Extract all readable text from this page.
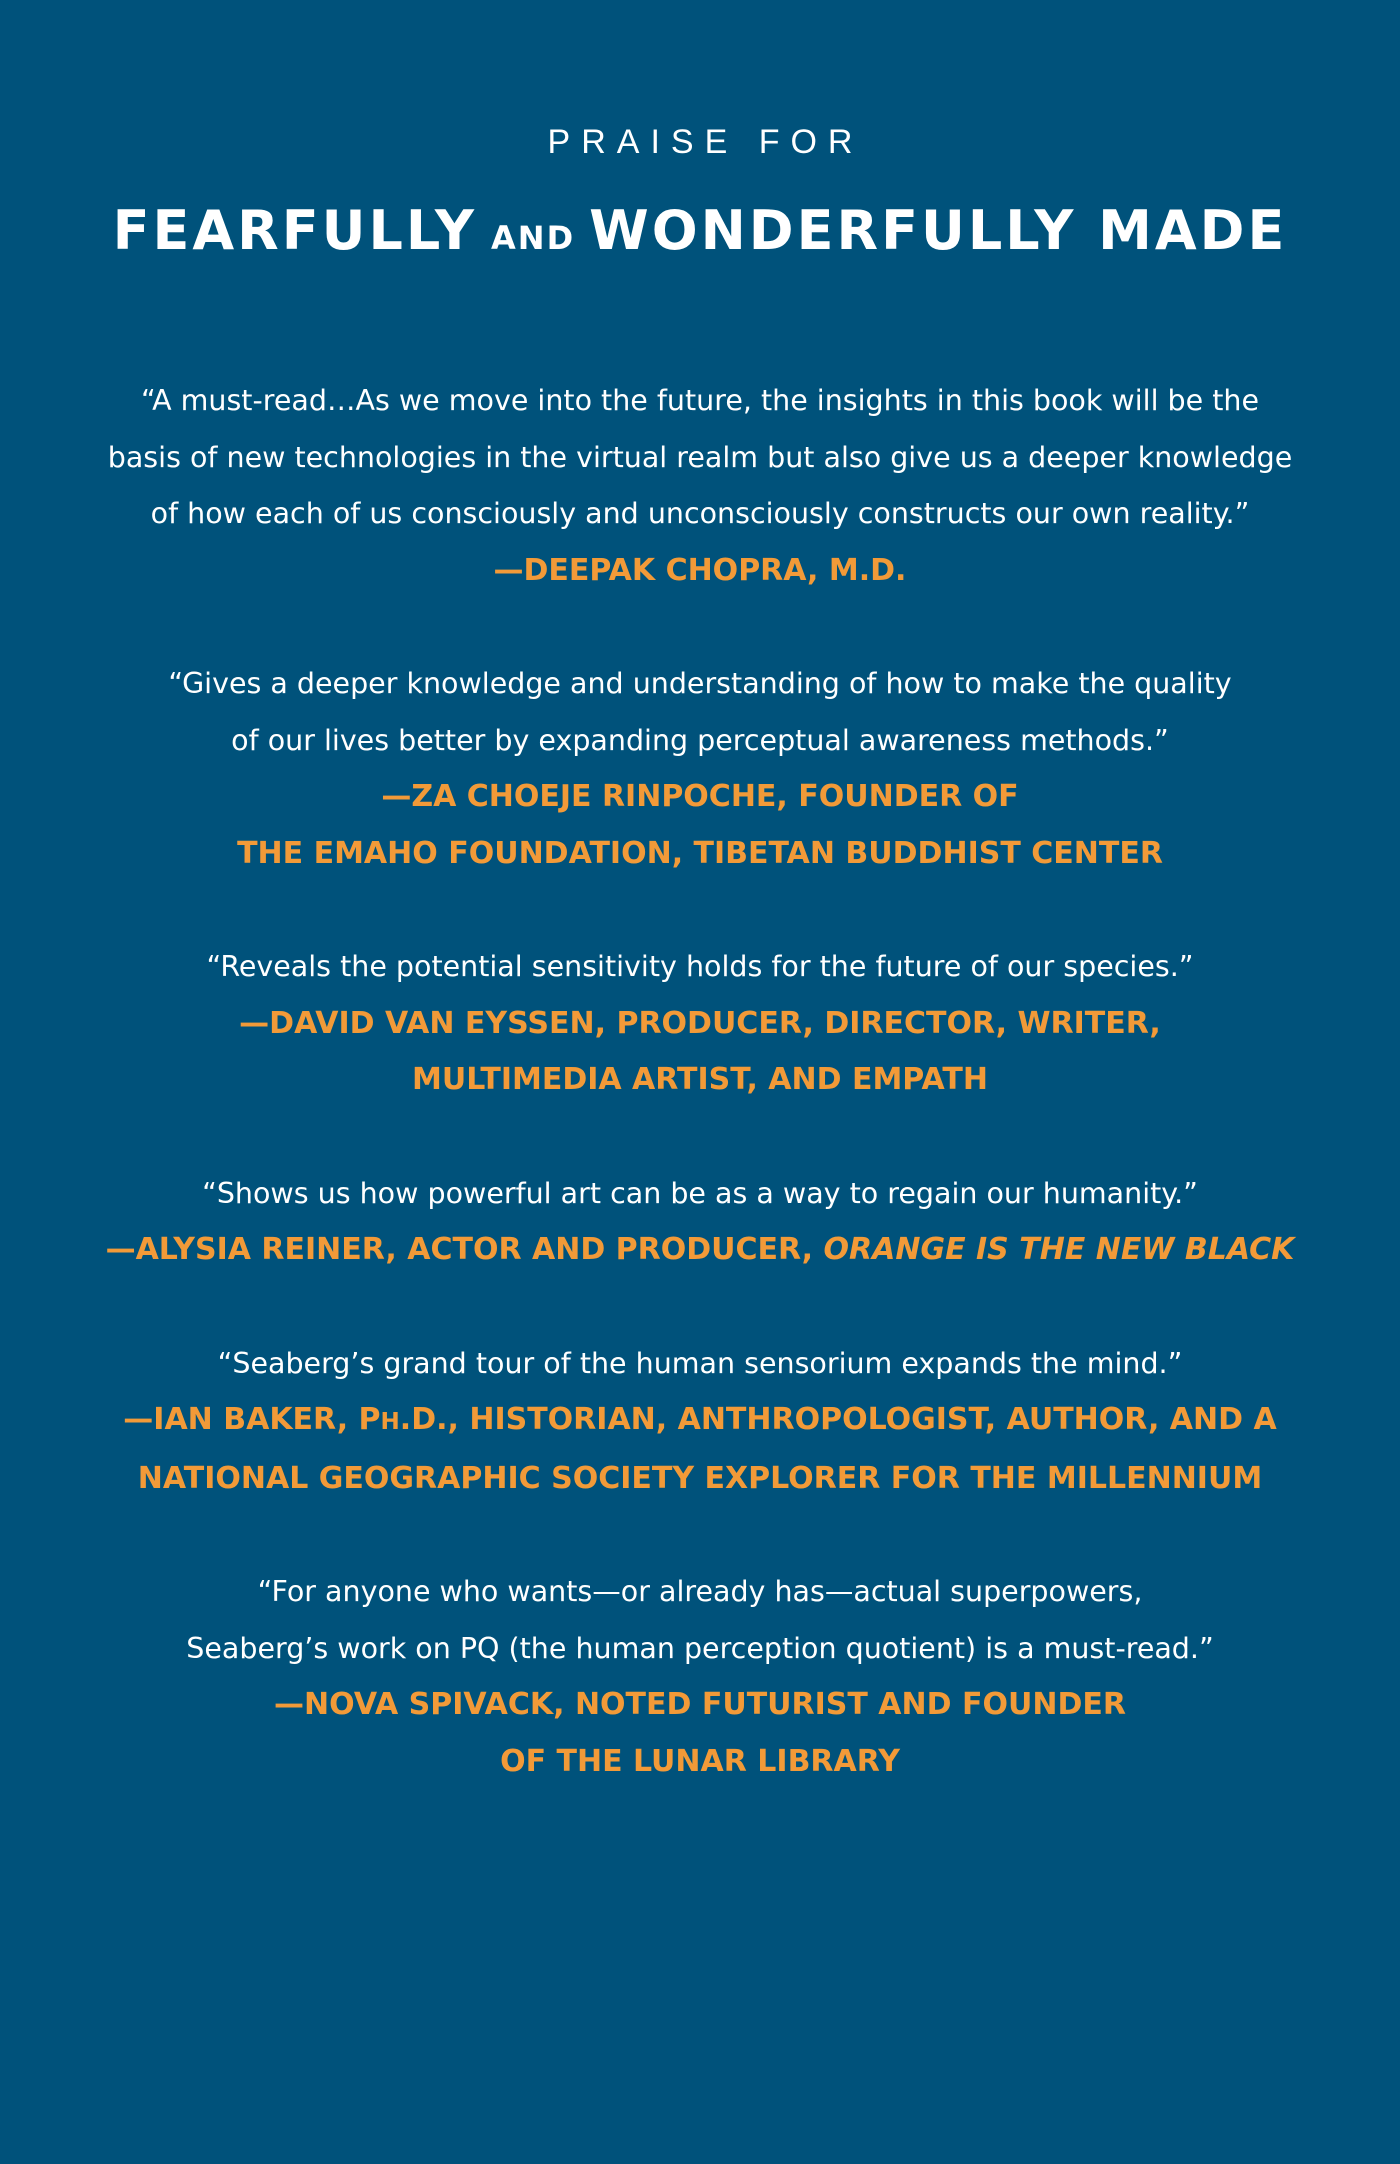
PRAISE FOR

FEARFULLY AND WONDERFULLY MADE

“A must-read…As we move into the future, the insights in this book will be the

basis of new technologies in the virtual realm but also give us a deeper knowledge

of how each of us consciously and unconsciously constructs our own reality.”

—DEEPAK CHOPRA, M.D.

“Gives a deeper knowledge and understanding of how to make the quality

of our lives better by expanding perceptual awareness methods.”

—ZA CHOEJE RINPOCHE, FOUNDER OF

THE EMAHO FOUNDATION, TIBETAN BUDDHIST CENTER

“Reveals the potential sensitivity holds for the future of our species.”

—DAVID VAN EYSSEN, PRODUCER, DIRECTOR, WRITER,

MULTIMEDIA ARTIST, AND EMPATH

“Shows us how powerful art can be as a way to regain our humanity.”

—ALYSIA REINER, ACTOR AND PRODUCER, ORANGE IS THE NEW BLACK

“Seaberg’s grand tour of the human sensorium expands the mind.”

—IAN BAKER, PH.D., HISTORIAN, ANTHROPOLOGIST, AUTHOR, AND A

NATIONAL GEOGRAPHIC SOCIETY EXPLORER FOR THE MILLENNIUM

“For anyone who wants—or already has—actual superpowers,

Seaberg’s work on PQ (the human perception quotient) is a must-read.”

—NOVA SPIVACK, NOTED FUTURIST AND FOUNDER

OF THE LUNAR LIBRARY
